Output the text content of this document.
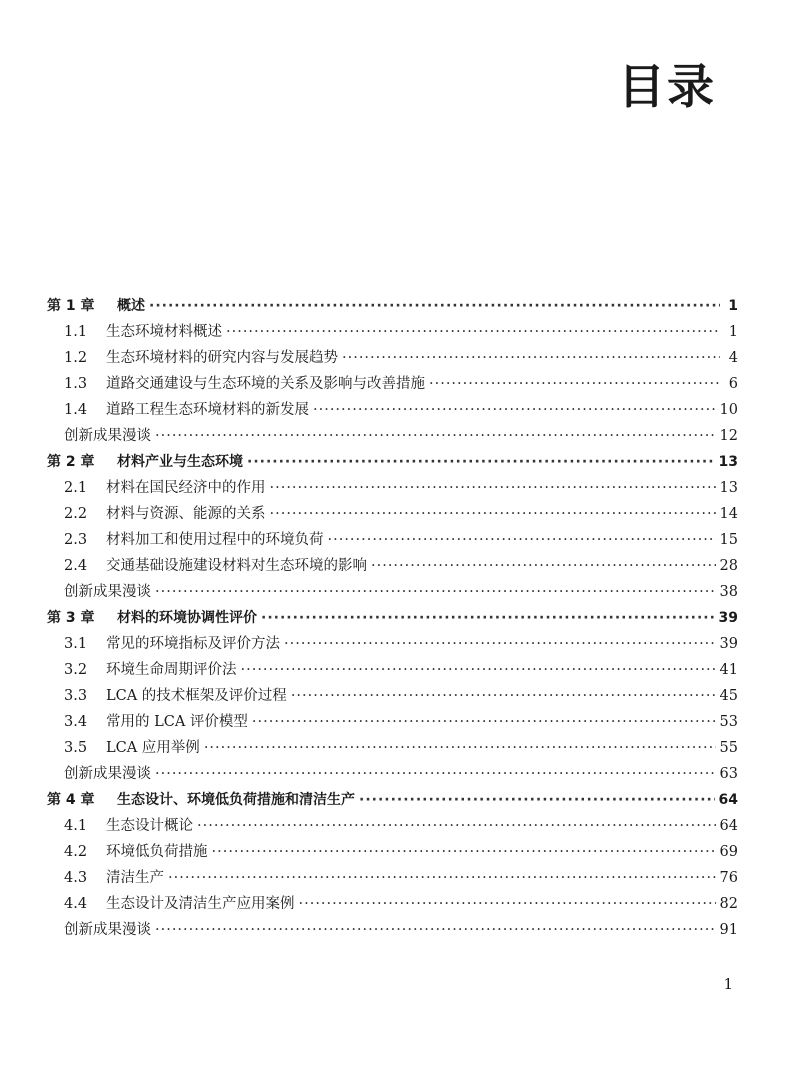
目录
第 1 章	概述 ·····	1
1.1	生态环境材料概述 ·····	1
1.2	生态环境材料的研究内容与发展趋势 ·····	4
1.3	道路交通建设与生态环境的关系及影响与改善措施 ·····	6
1.4	道路工程生态环境材料的新发展 ·····	10
创新成果漫谈 ·····	12
第 2 章	材料产业与生态环境 ·····	13
2.1	材料在国民经济中的作用 ·····	13
2.2	材料与资源、能源的关系 ·····	14
2.3	材料加工和使用过程中的环境负荷 ·····	15
2.4	交通基础设施建设材料对生态环境的影响 ·····	28
创新成果漫谈 ·····	38
第 3 章	材料的环境协调性评价 ·····	39
3.1	常见的环境指标及评价方法 ·····	39
3.2	环境生命周期评价法 ·····	41
3.3	LCA 的技术框架及评价过程 ·····	45
3.4	常用的 LCA 评价模型 ·····	53
3.5	LCA 应用举例 ·····	55
创新成果漫谈 ·····	63
第 4 章	生态设计、环境低负荷措施和清洁生产 ·····	64
4.1	生态设计概论 ·····	64
4.2	环境低负荷措施 ·····	69
4.3	清洁生产 ·····	76
4.4	生态设计及清洁生产应用案例 ·····	82
创新成果漫谈 ·····	91

1
